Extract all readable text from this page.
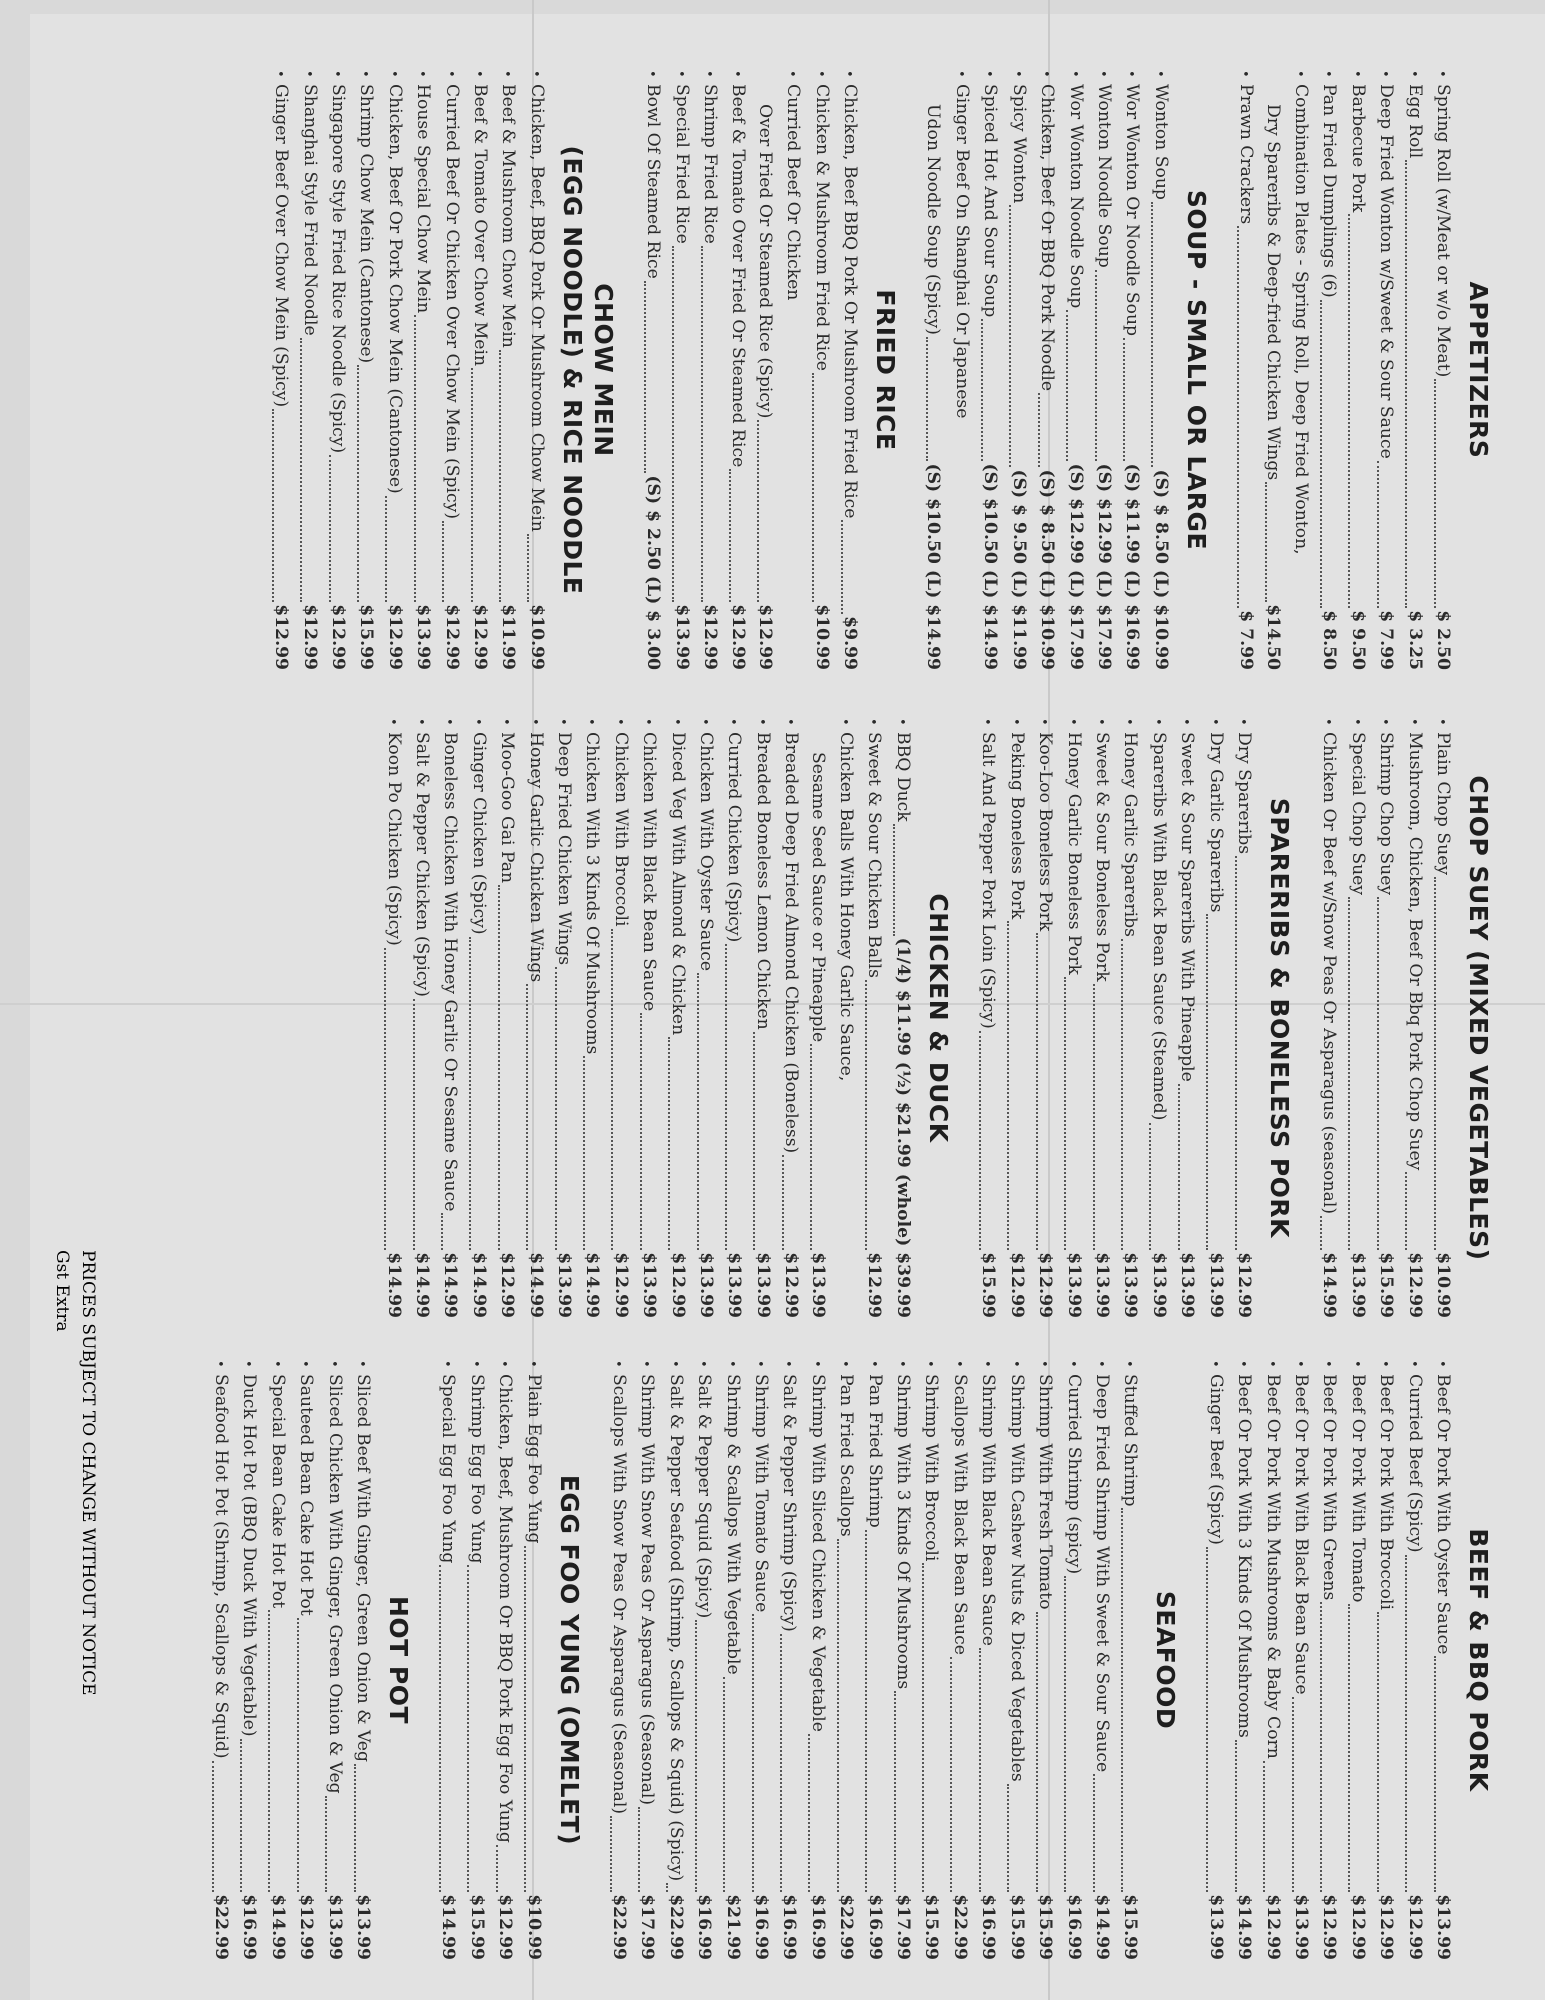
APPETIZERS
•
Spring Roll (w/Meat or w/o Meat)
$ 2.50
•
Egg Roll
$ 3.25
•
Deep Fried Wonton w/Sweet & Sour Sauce
$ 7.99
•
Barbecue Pork
$ 9.50
•
Pan Fried Dumplings (6)
$ 8.50
•
Combination Plates - Spring Roll, Deep Fried Wonton,
Dry Spareribs & Deep-fried Chicken Wings
$14.50
•
Prawn Crackers
$ 7.99
SOUP - SMALL OR LARGE
•
Wonton Soup
(S) $ 8.50 (L) $10.99
•
Wor Wonton Or Noodle Soup
(S) $11.99 (L) $16.99
•
Wonton Noodle Soup
(S) $12.99 (L) $17.99
•
Wor Wonton Noodle Soup
(S) $12.99 (L) $17.99
•
Chicken, Beef Or BBQ Pork Noodle
(S) $ 8.50 (L) $10.99
•
Spicy Wonton
(S) $ 9.50 (L) $11.99
•
Spiced Hot And Sour Soup
(S) $10.50 (L) $14.99
•
Ginger Beef On Shanghai Or Japanese
Udon Noodle Soup (Spicy)
(S) $10.50 (L) $14.99
FRIED RICE
•
Chicken, Beef BBQ Pork Or Mushroom Fried Rice
$9.99
•
Chicken & Mushroom Fried Rice
$10.99
•
Curried Beef Or Chicken
Over Fried Or Steamed Rice (Spicy)
$12.99
•
Beef & Tomato Over Fried Or Steamed Rice
$12.99
•
Shrimp Fried Rice
$12.99
•
Special Fried Rice
$13.99
•
Bowl Of Steamed Rice
(S) $ 2.50 (L) $ 3.00
CHOW MEIN
(EGG NOODLE) & RICE NOODLE
•
Chicken, Beef, BBQ Pork Or Mushroom Chow Mein
$10.99
•
Beef & Mushroom Chow Mein
$11.99
•
Beef & Tomato Over Chow Mein
$12.99
•
Curried Beef Or Chicken Over Chow Mein (Spicy)
$12.99
•
House Special Chow Mein
$13.99
•
Chicken, Beef Or Pork Chow Mein (Cantonese)
$12.99
•
Shrimp Chow Mein (Cantonese)
$15.99
•
Singapore Style Fried Rice Noodle (Spicy)
$12.99
•
Shanghai Style Fried Noodle
$12.99
•
Ginger Beef Over Chow Mein (Spicy)
$12.99
CHOP SUEY (MIXED VEGETABLES)
•
Plain Chop Suey
$10.99
•
Mushroom, Chicken, Beef Or Bbq Pork Chop Suey
$12.99
•
Shrimp Chop Suey
$15.99
•
Special Chop Suey
$13.99
•
Chicken Or Beef w/Snow Peas Or Asparagus (seasonal)
$14.99
SPARERIBS & BONELESS PORK
•
Dry Spareribs
$12.99
•
Dry Garlic Spareribs
$13.99
•
Sweet & Sour Spareribs With Pineapple
$13.99
•
Spareribs With Black Bean Sauce (Steamed)
$13.99
•
Honey Garlic Spareribs
$13.99
•
Sweet & Sour Boneless Pork
$13.99
•
Honey Garlic Boneless Pork
$13.99
•
Koo-Loo Boneless Pork
$12.99
•
Peking Boneless Pork
$12.99
•
Salt And Pepper Pork Loin (Spicy)
$15.99
CHICKEN & DUCK
•
BBQ Duck
(1/4) $11.99 (½) $21.99 (whole) $39.99
•
Sweet & Sour Chicken Balls
$12.99
•
Chicken Balls With Honey Garlic Sauce,
Sesame Seed Sauce or Pineapple
$13.99
•
Breaded Deep Fried Almond Chicken (Boneless)
$12.99
•
Breaded Boneless Lemon Chicken
$13.99
•
Curried Chicken (Spicy)
$13.99
•
Chicken With Oyster Sauce
$13.99
•
Diced Veg With Almond & Chicken
$12.99
•
Chicken With Black Bean Sauce
$13.99
•
Chicken With Broccoli
$12.99
•
Chicken With 3 Kinds Of Mushrooms
$14.99
•
Deep Fried Chicken Wings
$13.99
•
Honey Garlic Chicken Wings
$14.99
•
Moo-Goo Gai Pan
$12.99
•
Ginger Chicken (Spicy)
$14.99
•
Boneless Chicken With Honey Garlic Or Sesame Sauce
$14.99
•
Salt & Pepper Chicken (Spicy)
$14.99
•
Koon Po Chicken (Spicy)
$14.99
PRICES SUBJECT TO CHANGE WITHOUT NOTICE
Gst Extra
BEEF & BBQ PORK
•
Beef Or Pork With Oyster Sauce
$13.99
•
Curried Beef (Spicy)
$12.99
•
Beef Or Pork With Broccoli
$12.99
•
Beef Or Pork With Tomato
$12.99
•
Beef Or Pork With Greens
$12.99
•
Beef Or Pork With Black Bean Sauce
$13.99
•
Beef Or Pork With Mushrooms & Baby Corn
$12.99
•
Beef Or Pork With 3 Kinds Of Mushrooms
$14.99
•
Ginger Beef (Spicy)
$13.99
SEAFOOD
•
Stuffed Shrimp
$15.99
•
Deep Fried Shrimp With Sweet & Sour Sauce
$14.99
•
Curried Shrimp (spicy)
$16.99
•
Shrimp With Fresh Tomato
$15.99
•
Shrimp With Cashew Nuts & Diced Vegetables
$15.99
•
Shrimp With Black Bean Sauce
$16.99
•
Scallops With Black Bean Sauce
$22.99
•
Shrimp With Broccoli
$15.99
•
Shrimp With 3 Kinds Of Mushrooms
$17.99
•
Pan Fried Shrimp
$16.99
•
Pan Fried Scallops
$22.99
•
Shrimp With Sliced Chicken & Vegetable
$16.99
•
Salt & Pepper Shrimp (Spicy)
$16.99
•
Shrimp With Tomato Sauce
$16.99
•
Shrimp & Scallops With Vegetable
$21.99
•
Salt & Pepper Squid (Spicy)
$16.99
•
Salt & Pepper Seafood (Shrimp, Scallops & Squid) (Spicy)
$22.99
•
Shrimp With Snow Peas Or Asparagus (Seasonal)
$17.99
•
Scallops With Snow Peas Or Asparagus (Seasonal)
$22.99
EGG FOO YUNG (OMELET)
•
Plain Egg Foo Yung
$10.99
•
Chicken, Beef, Mushroom Or BBQ Pork Egg Foo Yung
$12.99
•
Shrimp Egg Foo Yung
$15.99
•
Special Egg Foo Yung
$14.99
HOT POT
•
Sliced Beef With Ginger, Green Onion & Veg
$13.99
•
Sliced Chicken With Ginger, Green Onion & Veg
$13.99
•
Sauteed Bean Cake Hot Pot
$12.99
•
Special Bean Cake Hot Pot
$14.99
•
Duck Hot Pot (BBQ Duck With Vegetable)
$16.99
•
Seafood Hot Pot (Shrimp, Scallops & Squid)
$22.99
